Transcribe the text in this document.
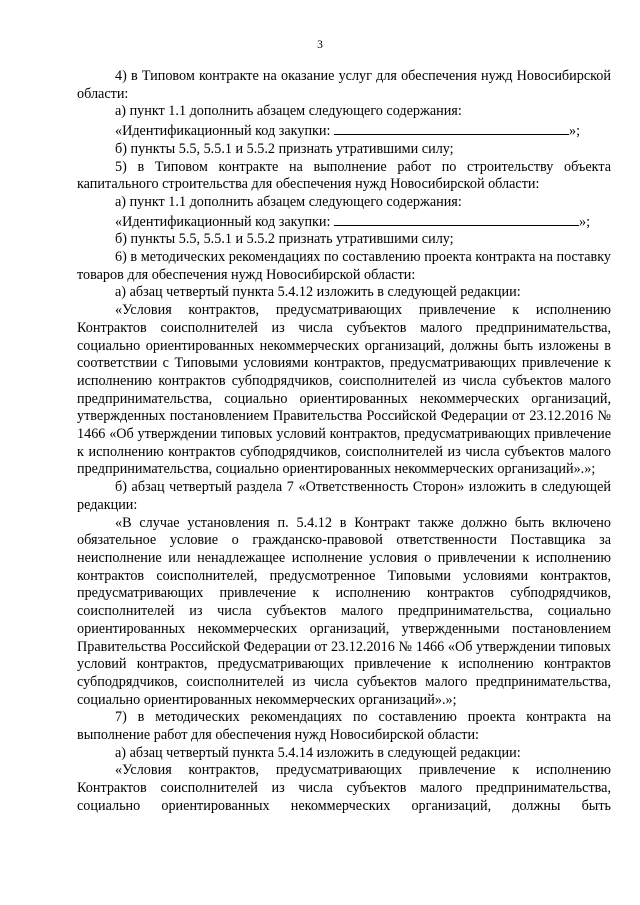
3

4) в Типовом контракте на оказание услуг для обеспечения нужд Новосибирской области:

а) пункт 1.1 дополнить абзацем следующего содержания:

«Идентификационный код закупки:	»;

б) пункты 5.5, 5.5.1 и 5.5.2 признать утратившими силу;

5) в Типовом контракте на выполнение работ по строительству объекта капитального строительства для обеспечения нужд Новосибирской области:

а) пункт 1.1 дополнить абзацем следующего содержания:

«Идентификационный код закупки:	»;

б) пункты 5.5, 5.5.1 и 5.5.2 признать утратившими силу;

6) в методических рекомендациях по составлению проекта контракта на поставку товаров для обеспечения нужд Новосибирской области:

а) абзац четвертый пункта 5.4.12 изложить в следующей редакции:

«Условия контрактов, предусматривающих привлечение к исполнению Контрактов соисполнителей из числа субъектов малого предпринимательства, социально ориентированных некоммерческих организаций, должны быть изложены в соответствии с Типовыми условиями контрактов, предусматривающих привлечение к исполнению контрактов субподрядчиков, соисполнителей из числа субъектов малого предпринимательства, социально ориентированных некоммерческих организаций, утвержденных постановлением Правительства Российской Федерации от 23.12.2016 № 1466 «Об утверждении типовых условий контрактов, предусматривающих привлечение к исполнению контрактов субподрядчиков, соисполнителей из числа субъектов малого предпринимательства, социально ориентированных некоммерческих организаций».»;

б) абзац четвертый раздела 7 «Ответственность Сторон» изложить в следующей редакции:

«В случае установления п. 5.4.12 в Контракт также должно быть включено обязательное условие о гражданско-правовой ответственности Поставщика за неисполнение или ненадлежащее исполнение условия о привлечении к исполнению контрактов соисполнителей, предусмотренное Типовыми условиями контрактов, предусматривающих привлечение к исполнению контрактов субподрядчиков, соисполнителей из числа субъектов малого предпринимательства, социально ориентированных некоммерческих организаций, утвержденными постановлением Правительства Российской Федерации от 23.12.2016 № 1466 «Об утверждении типовых условий контрактов, предусматривающих привлечение к исполнению контрактов субподрядчиков, соисполнителей из числа субъектов малого предпринимательства, социально ориентированных некоммерческих организаций».»;

7) в методических рекомендациях по составлению проекта контракта на выполнение работ для обеспечения нужд Новосибирской области:

а) абзац четвертый пункта 5.4.14 изложить в следующей редакции:

«Условия контрактов, предусматривающих привлечение к исполнению Контрактов соисполнителей из числа субъектов малого предпринимательства, социально ориентированных некоммерческих организаций, должны быть
